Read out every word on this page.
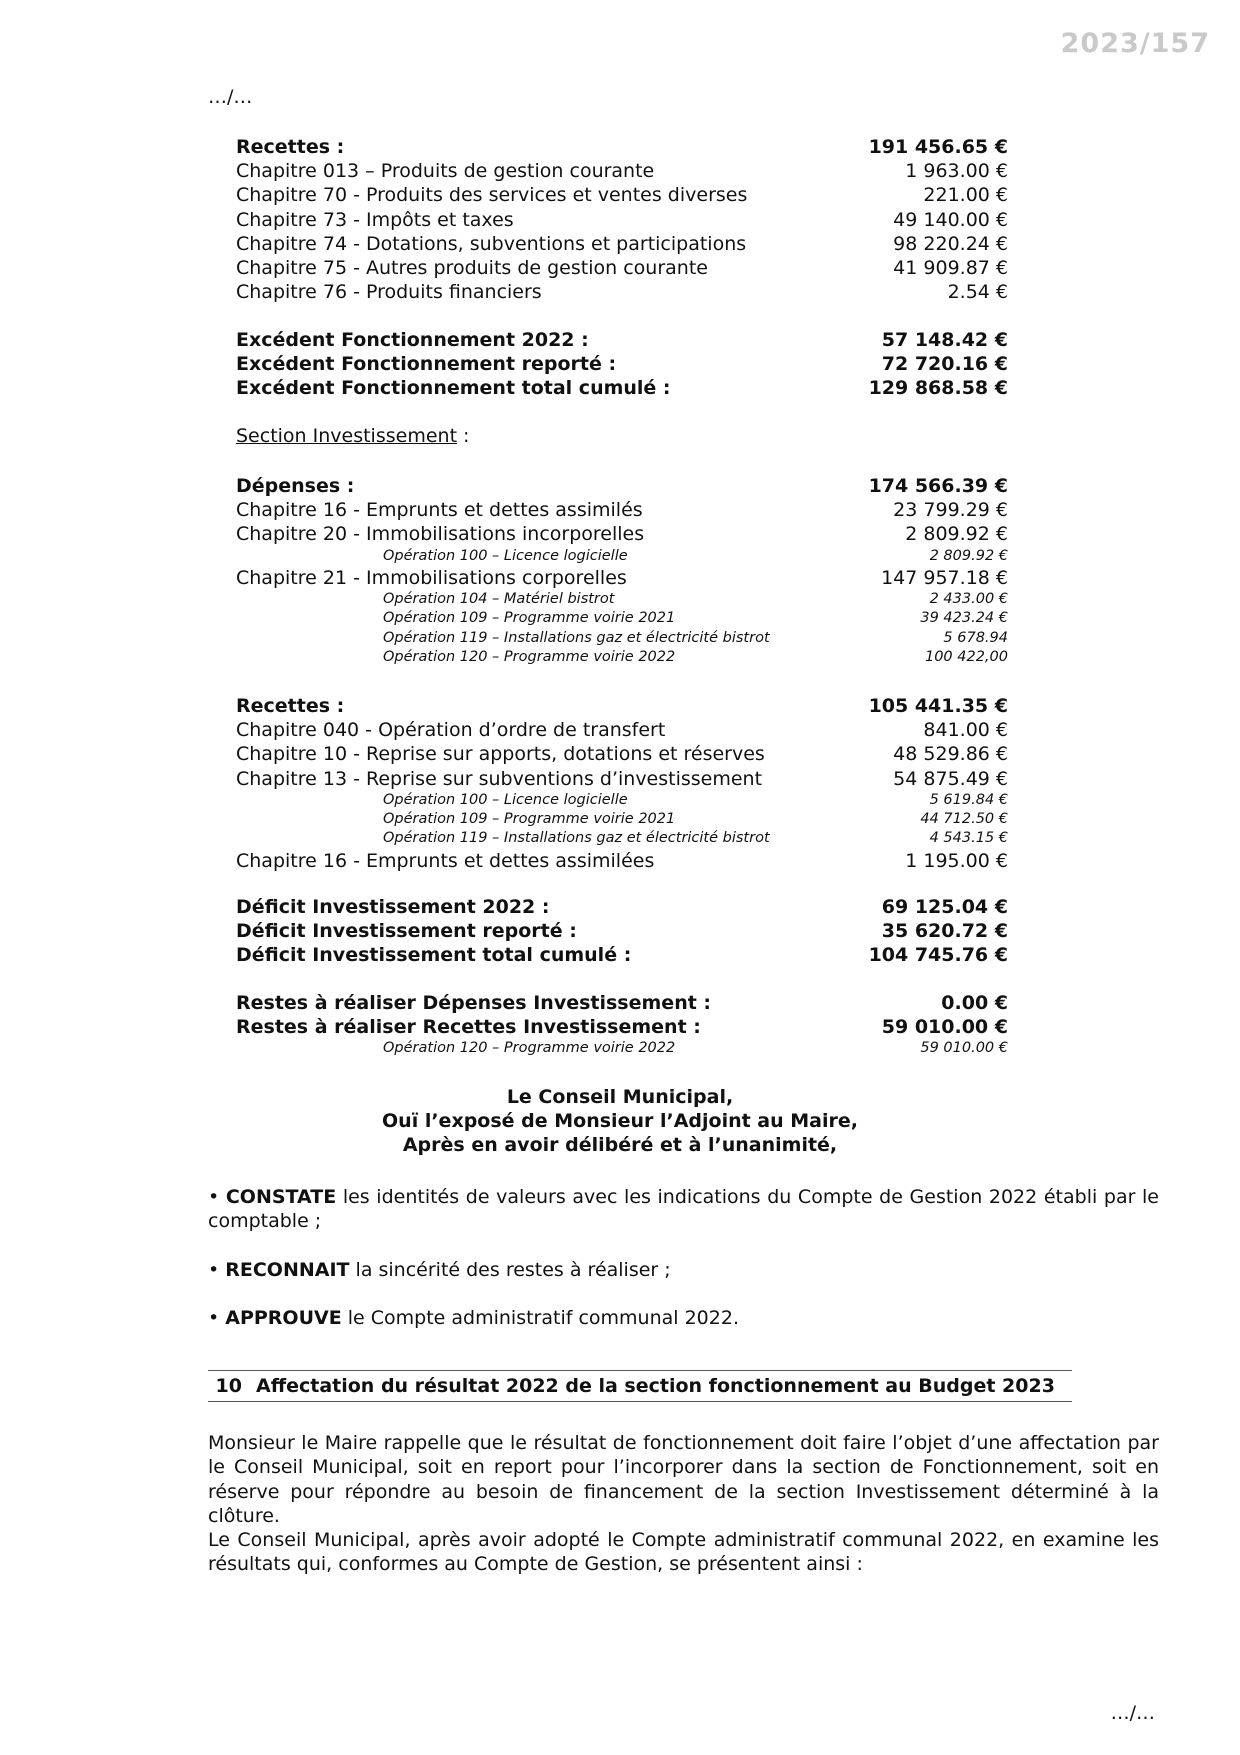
2023/157
…/…
Recettes :	191 456.65 €
Chapitre 013 – Produits de gestion courante	1 963.00 €
Chapitre 70 - Produits des services et ventes diverses	221.00 €
Chapitre 73 - Impôts et taxes	49 140.00 €
Chapitre 74 - Dotations, subventions et participations	98 220.24 €
Chapitre 75 - Autres produits de gestion courante	41 909.87 €
Chapitre 76 - Produits financiers	2.54 €
Excédent Fonctionnement 2022 :	57 148.42 €
Excédent Fonctionnement reporté :	72 720.16 €
Excédent Fonctionnement total cumulé :	129 868.58 €
Section Investissement :
Dépenses :	174 566.39 €
Chapitre 16 - Emprunts et dettes assimilés	23 799.29 €
Chapitre 20 - Immobilisations incorporelles	2 809.92 €
Opération 100 – Licence logicielle	2 809.92 €
Chapitre 21 - Immobilisations corporelles	147 957.18 €
Opération 104 – Matériel bistrot	2 433.00 €
Opération 109 – Programme voirie 2021	39 423.24 €
Opération 119 – Installations gaz et électricité bistrot	5 678.94
Opération 120 – Programme voirie 2022	100 422,00
Recettes :	105 441.35 €
Chapitre 040 - Opération d’ordre de transfert	841.00 €
Chapitre 10 - Reprise sur apports, dotations et réserves	48 529.86 €
Chapitre 13 - Reprise sur subventions d’investissement	54 875.49 €
Opération 100 – Licence logicielle	5 619.84 €
Opération 109 – Programme voirie 2021	44 712.50 €
Opération 119 – Installations gaz et électricité bistrot	4 543.15 €
Chapitre 16 - Emprunts et dettes assimilées	1 195.00 €
Déficit Investissement 2022 :	69 125.04 €
Déficit Investissement reporté :	35 620.72 €
Déficit Investissement total cumulé :	104 745.76 €
Restes à réaliser Dépenses Investissement :	0.00 €
Restes à réaliser Recettes Investissement :	59 010.00 €
Opération 120 – Programme voirie 2022	59 010.00 €
Le Conseil Municipal,
Ouï l’exposé de Monsieur l’Adjoint au Maire,
Après en avoir délibéré et à l’unanimité,
• CONSTATE les identités de valeurs avec les indications du Compte de Gestion 2022 établi par le comptable ;
• RECONNAIT la sincérité des restes à réaliser ;
• APPROUVE le Compte administratif communal 2022.
10 Affectation du résultat 2022 de la section fonctionnement au Budget 2023
Monsieur le Maire rappelle que le résultat de fonctionnement doit faire l’objet d’une affectation par le Conseil Municipal, soit en report pour l’incorporer dans la section de Fonctionnement, soit en réserve pour répondre au besoin de financement de la section Investissement déterminé à la clôture.
Le Conseil Municipal, après avoir adopté le Compte administratif communal 2022, en examine les résultats qui, conformes au Compte de Gestion, se présentent ainsi :
…/…
